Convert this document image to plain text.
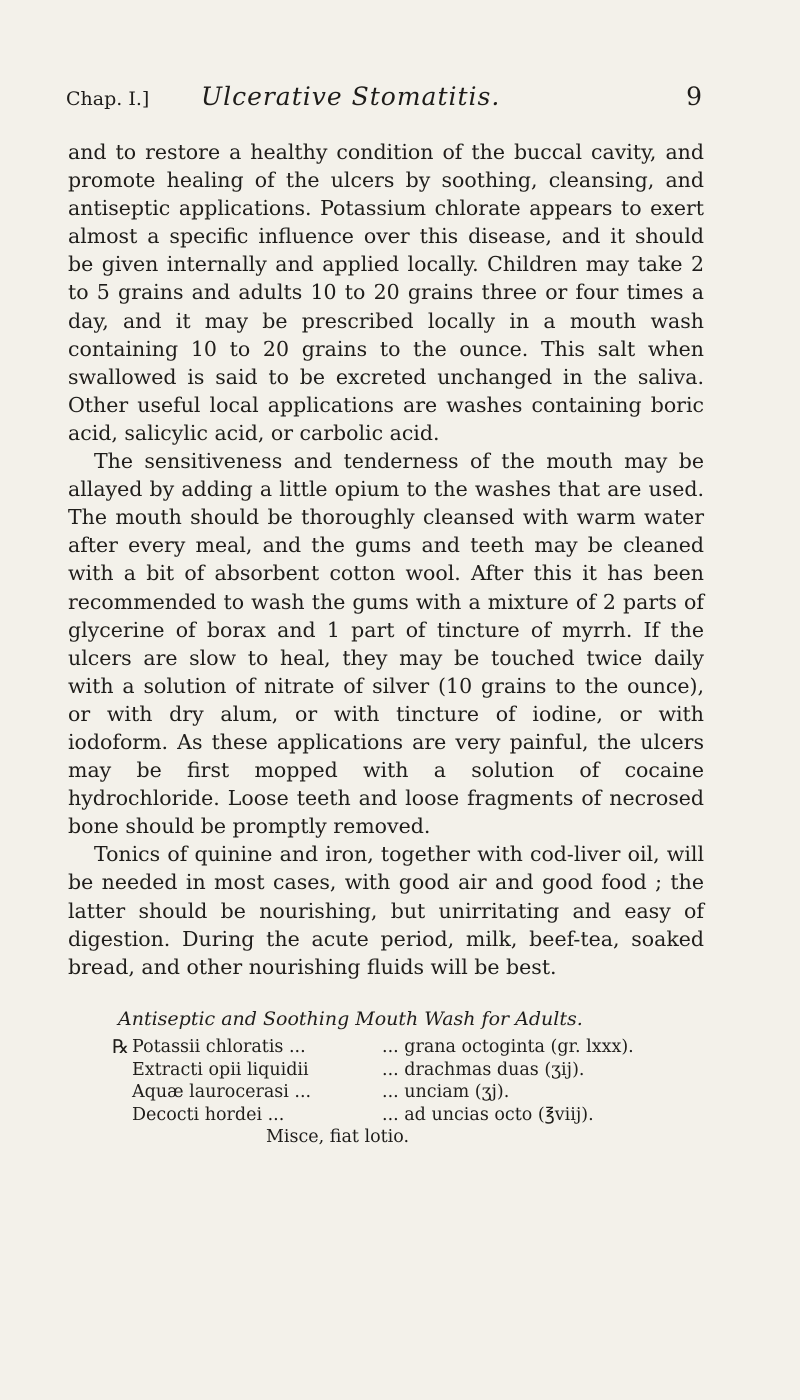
Chap. I.] Ulcerative Stomatitis.	9

and to restore a healthy condition of the buccal cavity, and promote healing of the ulcers by soothing, cleansing, and antiseptic applications. Potassium chlorate appears to exert almost a specific influence over this disease, and it should be given internally and applied locally. Children may take 2 to 5 grains and adults 10 to 20 grains three or four times a day, and it may be prescribed locally in a mouth wash containing 10 to 20 grains to the ounce. This salt when swallowed is said to be excreted unchanged in the saliva. Other useful local applications are washes containing boric acid, salicylic acid, or carbolic acid.

The sensitiveness and tenderness of the mouth may be allayed by adding a little opium to the washes that are used. The mouth should be thoroughly cleansed with warm water after every meal, and the gums and teeth may be cleaned with a bit of absorbent cotton wool. After this it has been recommended to wash the gums with a mixture of 2 parts of glycerine of borax and 1 part of tincture of myrrh. If the ulcers are slow to heal, they may be touched twice daily with a solution of nitrate of silver (10 grains to the ounce), or with dry alum, or with tincture of iodine, or with iodoform. As these applications are very painful, the ulcers may be first mopped with a solution of cocaine hydrochloride. Loose teeth and loose fragments of necrosed bone should be promptly removed.

Tonics of quinine and iron, together with cod-liver oil, will be needed in most cases, with good air and good food ; the latter should be nourishing, but unirritating and easy of digestion. During the acute period, milk, beef-tea, soaked bread, and other nourishing fluids will be best.

Antiseptic and Soothing Mouth Wash for Adults.
℞ Potassii chloratis ...	... grana octoginta (gr. lxxx).
Extracti opii liquidii	... drachmas duas (ʒij).
Aquæ laurocerasi ...	... unciam (ʒj).
Decocti hordei ...	... ad uncias octo (℥viij).
Misce, fiat lotio.
